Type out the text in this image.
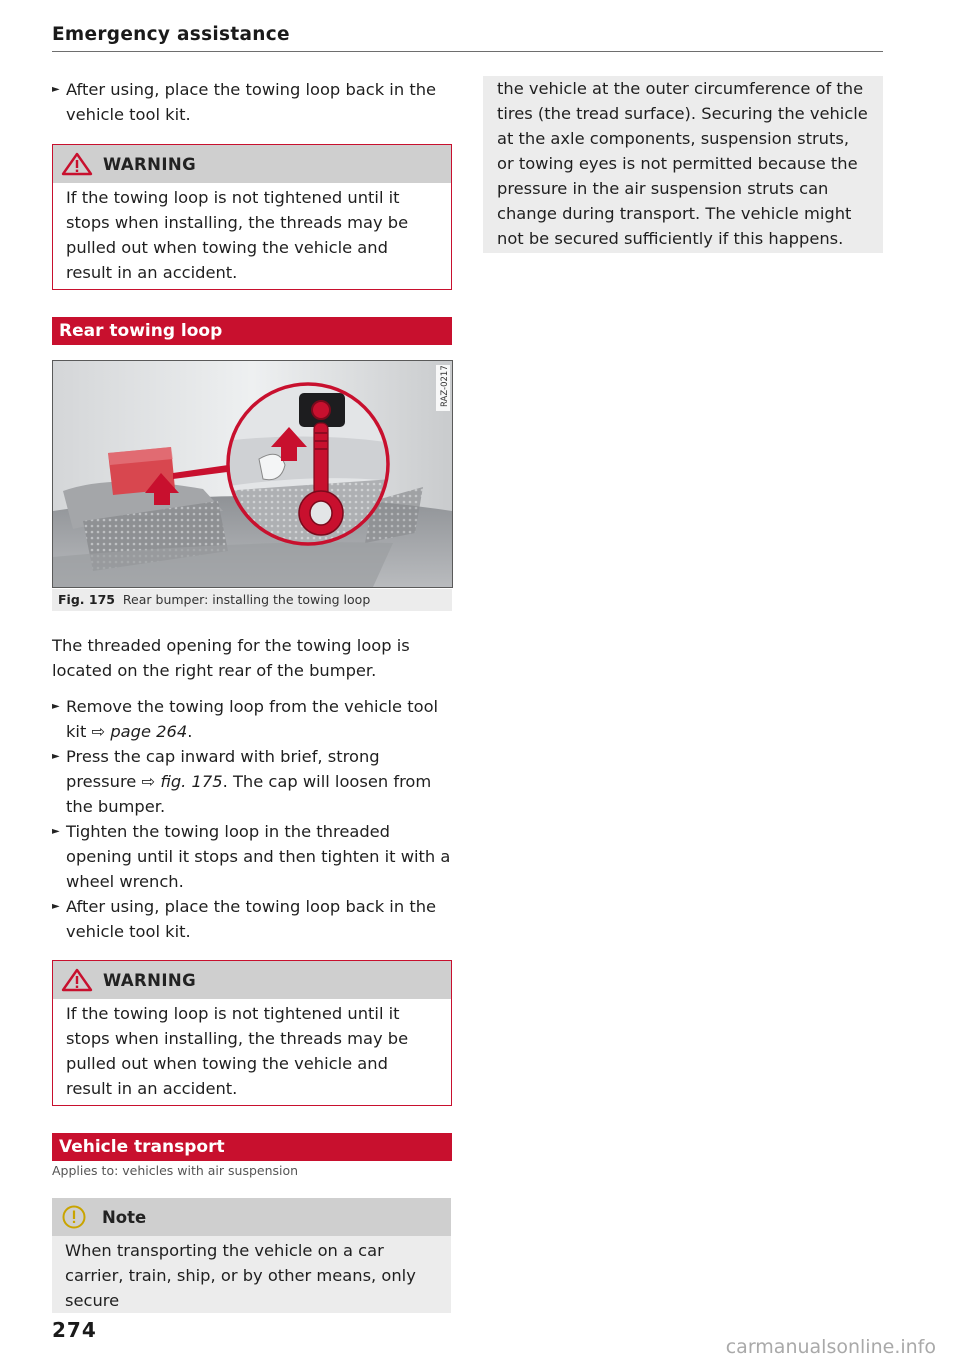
Emergency assistance
► After using, place the towing loop back in the vehicle tool kit.
WARNING
If the towing loop is not tightened until it stops when installing, the threads may be pulled out when towing the vehicle and result in an accident.
Rear towing loop
RAZ-0217
Fig. 175 Rear bumper: installing the towing loop

The threaded opening for the towing loop is located on the right rear of the bumper.

► Remove the towing loop from the vehicle tool kit ⇨ page 264.
► Press the cap inward with brief, strong pressure ⇨ fig. 175. The cap will loosen from the bumper.
► Tighten the towing loop in the threaded opening until it stops and then tighten it with a wheel wrench.
► After using, place the towing loop back in the vehicle tool kit.
WARNING
If the towing loop is not tightened until it stops when installing, the threads may be pulled out when towing the vehicle and result in an accident.
Vehicle transport
Applies to: vehicles with air suspension
Note
When transporting the vehicle on a car carrier, train, ship, or by other means, only secure
the vehicle at the outer circumference of the tires (the tread surface). Securing the vehicle at the axle components, suspension struts, or towing eyes is not permitted because the pressure in the air suspension struts can change during transport. The vehicle might not be secured sufficiently if this happens.
274
carmanualsonline.info
